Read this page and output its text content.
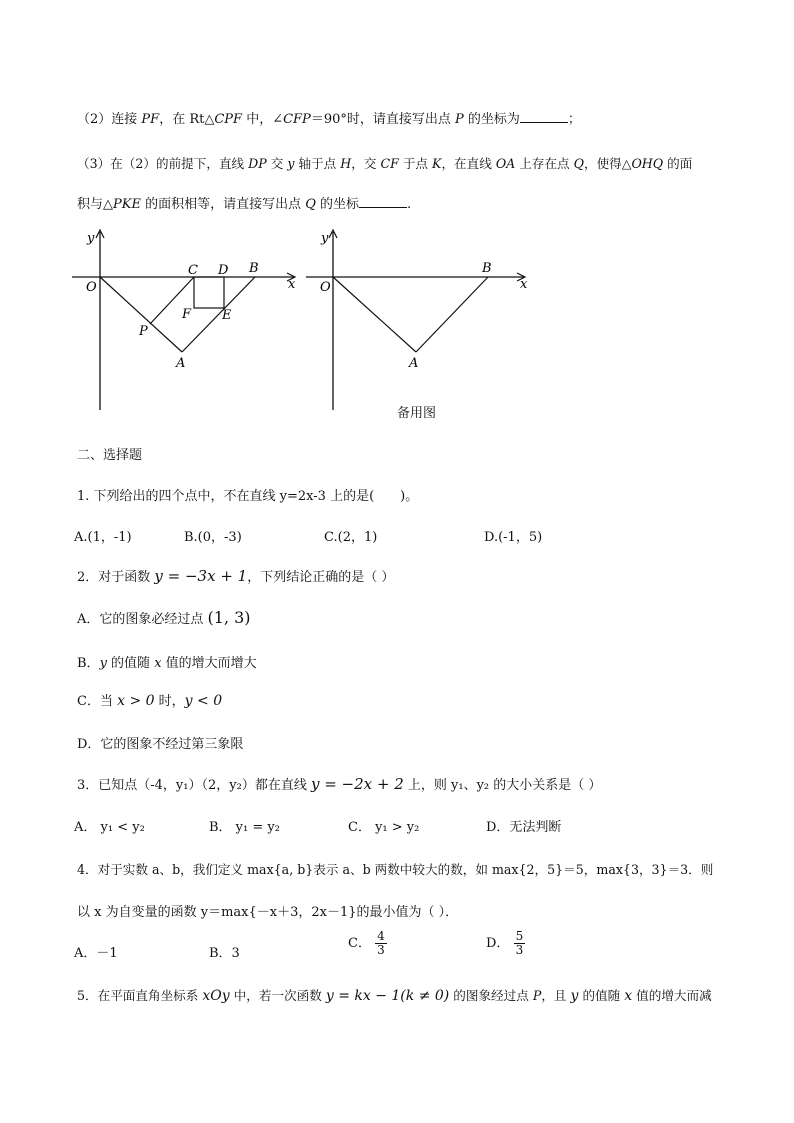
（2）连接 PF，在 Rt△CPF 中，∠CFP＝90°时，请直接写出点 P 的坐标为	；
（3）在（2）的前提下，直线 DP 交 y 轴于点 H，交 CF 于点 K，在直线 OA 上存在点 Q，使得△OHQ 的面
积与△PKE 的面积相等，请直接写出点 Q 的坐标	.
y
x
O
C D B
F E
P
A
y
x
O
B
A
备用图
二、选择题
1. 下列给出的四个点中，不在直线 y=2x-3 上的是(　　)。
A.(1，-1)	B.(0，-3)	C.(2，1)	D.(-1，5)
2．对于函数 y = −3x + 1，下列结论正确的是（ ）
A．它的图象必经过点 (1, 3)
B．y 的值随 x 值的增大而增大
C．当 x > 0 时，y < 0
D．它的图象不经过第三象限
3．已知点（-4，y₁）（2，y₂）都在直线 y = −2x + 2 上，则 y₁、y₂ 的大小关系是（ ）
A． y₁ < y₂	B． y₁ = y₂	C． y₁ > y₂	D．无法判断
4．对于实数 a、b，我们定义 max{a, b}表示 a、b 两数中较大的数，如 max{2，5}＝5，max{3，3}＝3．则
以 x 为自变量的函数 y＝max{－x＋3，2x－1}的最小值为（ ）．
A．－1	B．3
C． $\frac{4}{3}$	D． $\frac{5}{3}$
5．在平面直角坐标系 xOy 中，若一次函数 y = kx − 1(k ≠ 0) 的图象经过点 P，且 y 的值随 x 值的增大而减
